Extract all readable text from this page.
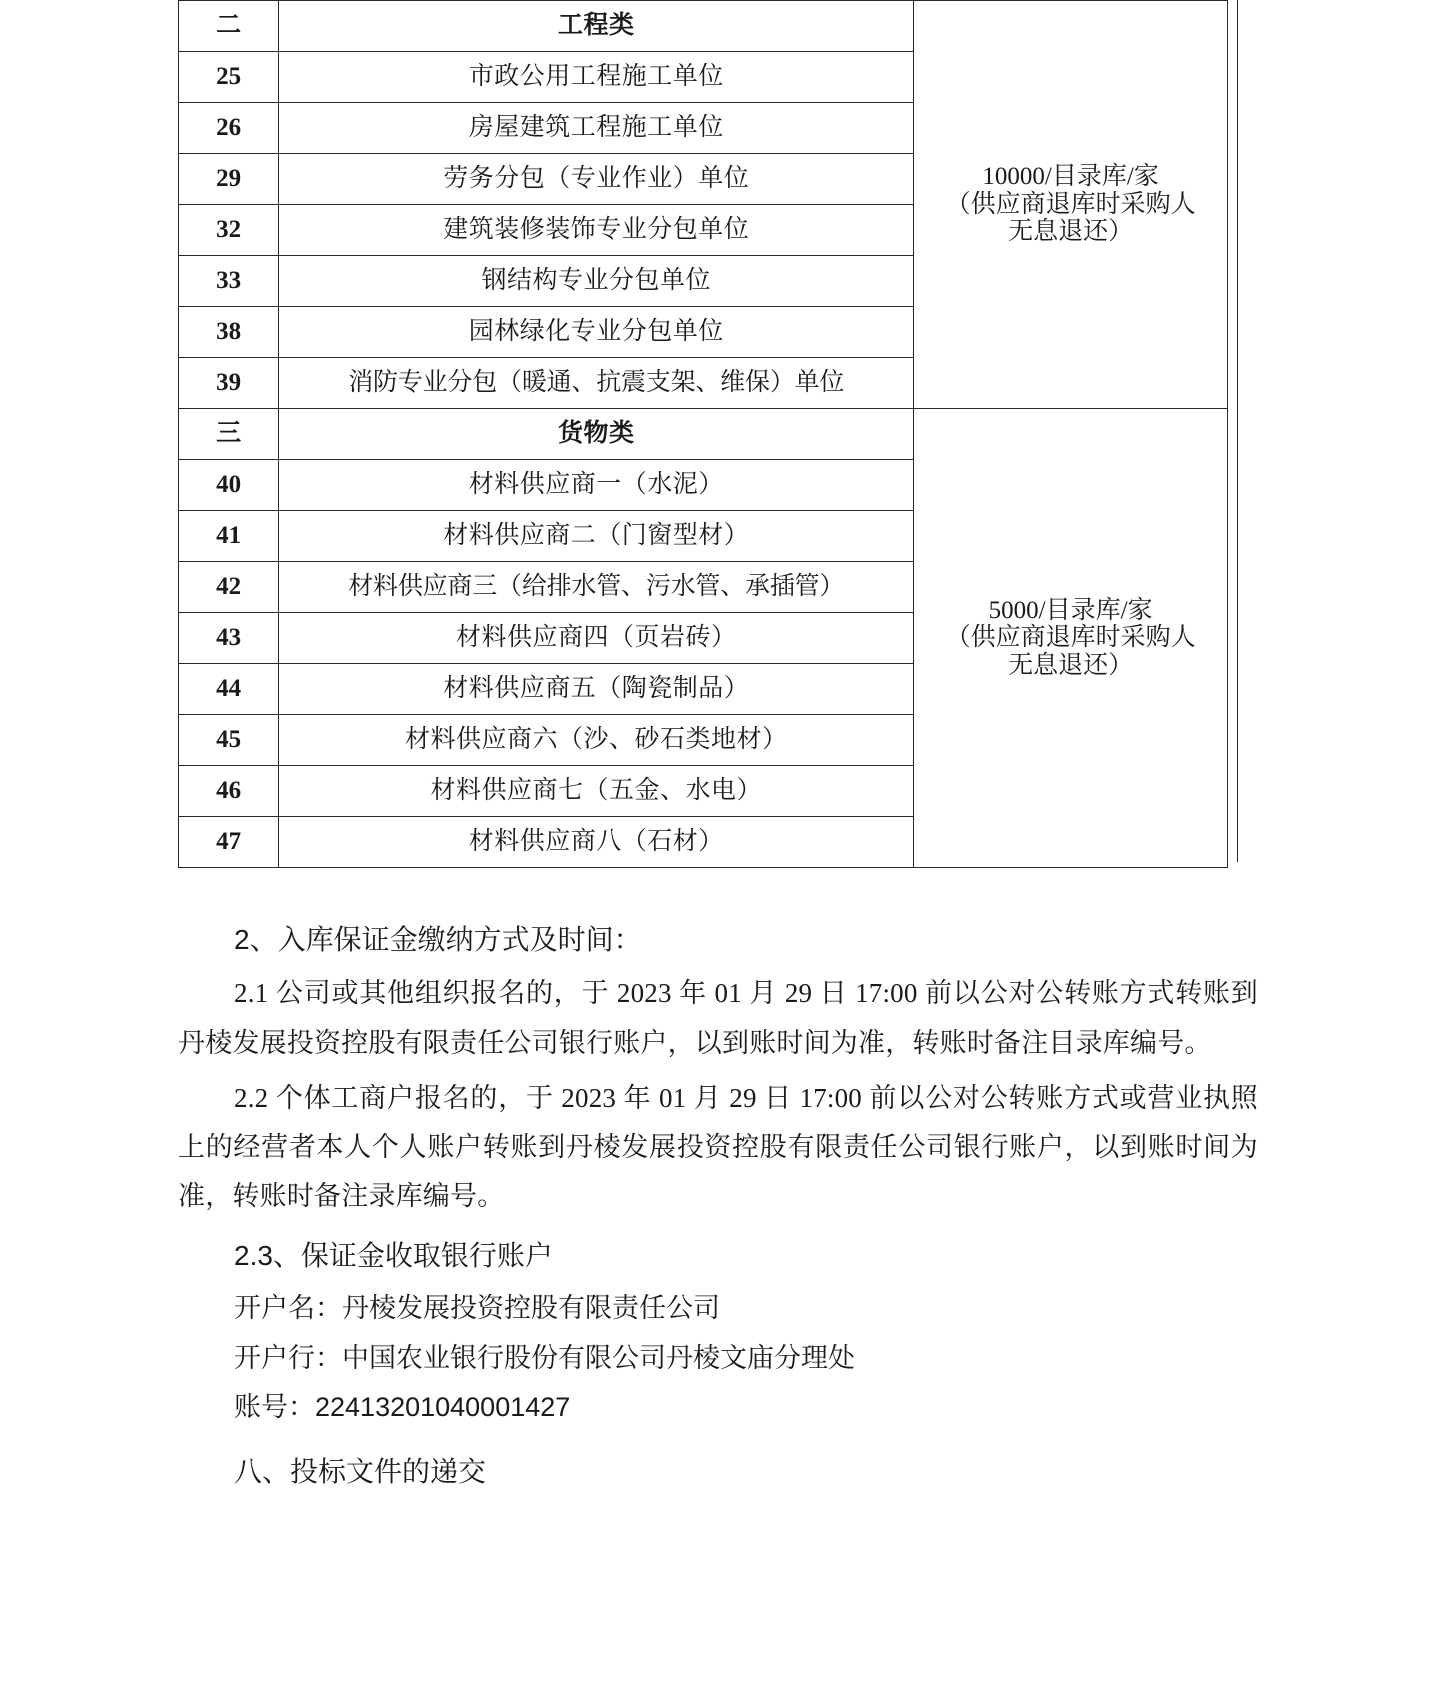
二	工程类	10000/目录库/家
（供应商退库时采购人
无息退还）

25	市政公用工程施工单位	
26	房屋建筑工程施工单位	
29	劳务分包（专业作业）单位	
32	建筑装修装饰专业分包单位	
33	钢结构专业分包单位	
38	园林绿化专业分包单位	
39	消防专业分包（暖通、抗震支架、维保）单位	
三	货物类	5000/目录库/家
（供应商退库时采购人
无息退还）

40	材料供应商一（水泥）	
41	材料供应商二（门窗型材）	
42	材料供应商三（给排水管、污水管、承插管）	
43	材料供应商四（页岩砖）	
44	材料供应商五（陶瓷制品）	
45	材料供应商六（沙、砂石类地材）	
46	材料供应商七（五金、水电）	
47	材料供应商八（石材）	

2、入库保证金缴纳方式及时间：

2.1 公司或其他组织报名的，于 2023 年 01 月 29 日 17:00 前以公对公转账方式转账到丹棱发展投资控股有限责任公司银行账户，以到账时间为准，转账时备注目录库编号。

2.2 个体工商户报名的，于 2023 年 01 月 29 日 17:00 前以公对公转账方式或营业执照上的经营者本人个人账户转账到丹棱发展投资控股有限责任公司银行账户，以到账时间为准，转账时备注录库编号。

2.3、保证金收取银行账户

开户名：丹棱发展投资控股有限责任公司

开户行：中国农业银行股份有限公司丹棱文庙分理处

账号：22413201040001427

八、投标文件的递交
